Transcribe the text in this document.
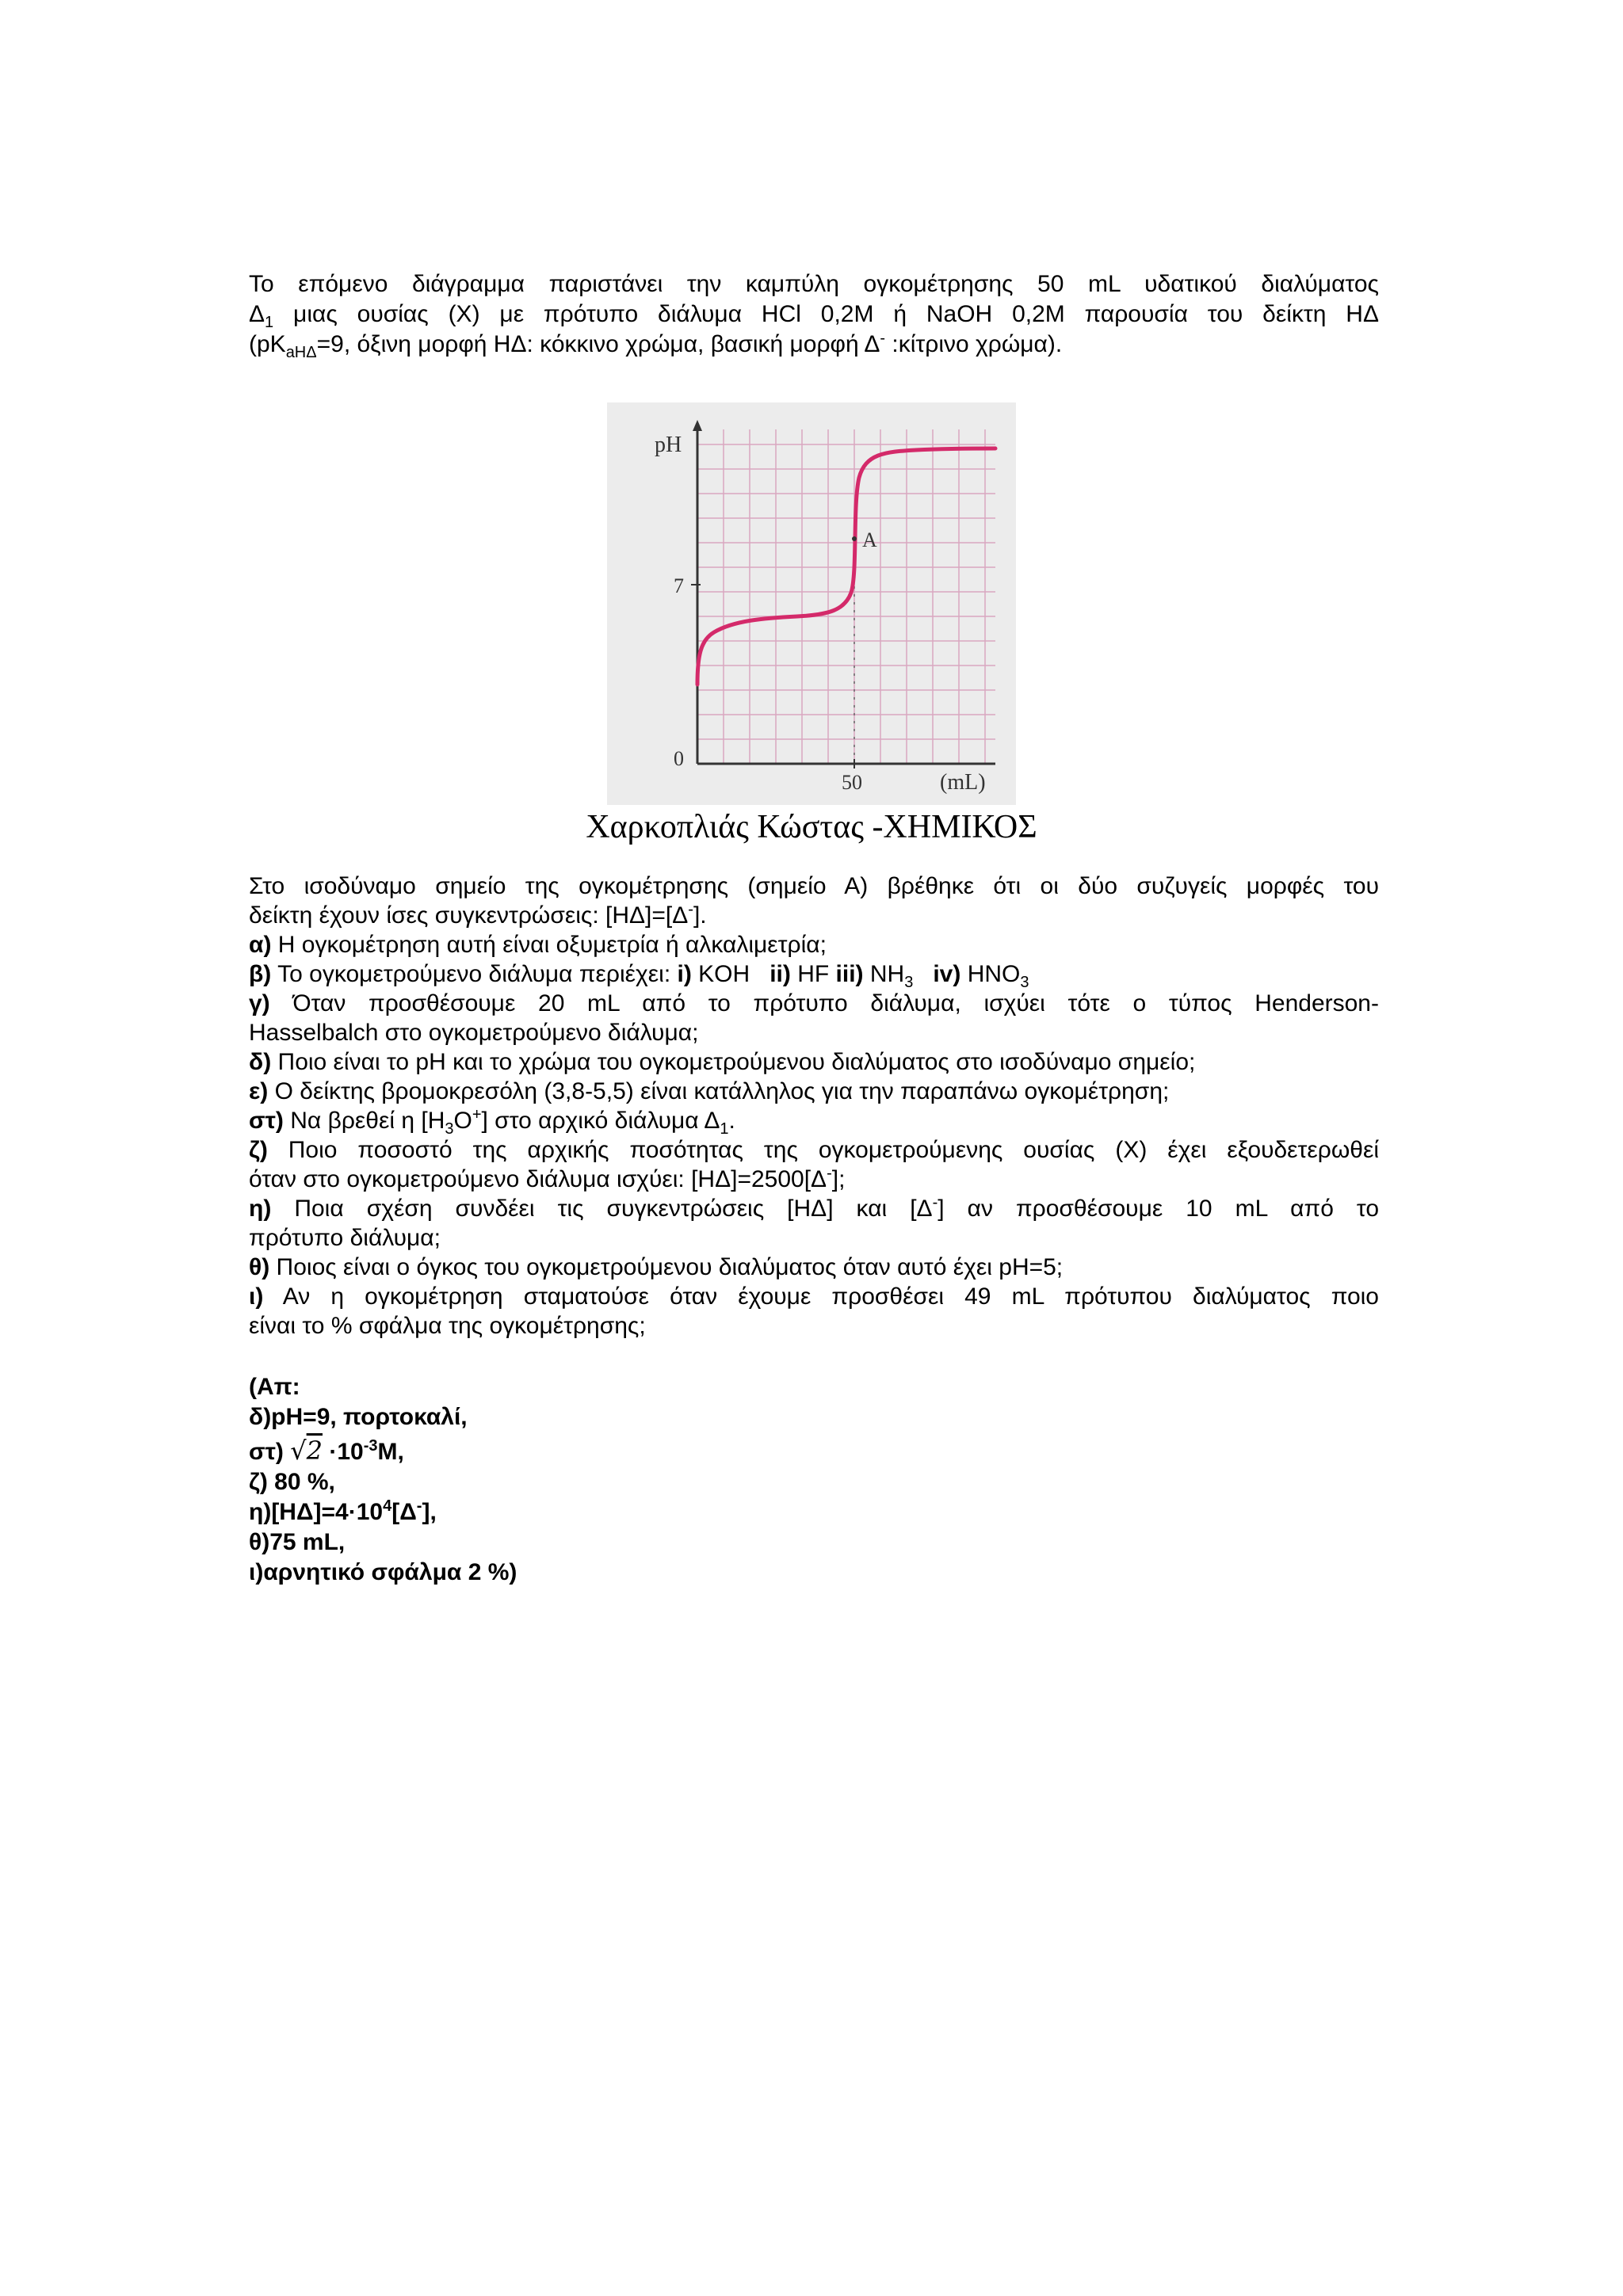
Το επόμενο διάγραμμα παριστάνει την καμπύλη ογκομέτρησης 50 mL υδατικού διαλύματος
$\Delta_1$ μιας ουσίας (Χ) με πρότυπο διάλυμα HCl 0,2M ή NaOH 0,2M παρουσία του δείκτη ΗΔ
($pK_{aH\Delta}=9$, όξινη μορφή ΗΔ: κόκκινο χρώμα, βασική μορφή Δ- :κίτρινο χρώμα).
pH
7
0
50	(mL)
A
Χαρκοπλιάς Κώστας -ΧΗΜΙΚΟΣ
Στο ισοδύναμο σημείο της ογκομέτρησης (σημείο Α) βρέθηκε ότι οι δύο συζυγείς μορφές του
δείκτη έχουν ίσες συγκεντρώσεις: [ΗΔ]=[Δ-].
α) Η ογκομέτρηση αυτή είναι οξυμετρία ή αλκαλιμετρία;
β) Το ογκομετρούμενο διάλυμα περιέχει: i) KOH   ii) HF iii) $NH_3$ iv) $HNO_3$
γ) Όταν προσθέσουμε 20 mL από το πρότυπο διάλυμα, ισχύει τότε ο τύπος Henderson-
Hasselbalch στο ογκομετρούμενο διάλυμα;
δ) Ποιο είναι το pH και το χρώμα του ογκομετρούμενου διαλύματος στο ισοδύναμο σημείο;
ε) Ο δείκτης βρομοκρεσόλη (3,8-5,5) είναι κατάλληλος για την παραπάνω ογκομέτρηση;
στ) Να βρεθεί η $[H_3O^+]$ στο αρχικό διάλυμα $\Delta_1$.
ζ) Ποιο ποσοστό της αρχικής ποσότητας της ογκομετρούμενης ουσίας (Χ) έχει εξουδετερωθεί
όταν στο ογκομετρούμενο διάλυμα ισχύει: [ΗΔ]=2500[Δ-];
η) Ποια σχέση συνδέει τις συγκεντρώσεις [ΗΔ] και [Δ-] αν προσθέσουμε 10 mL από το
πρότυπο διάλυμα;
θ) Ποιος είναι ο όγκος του ογκομετρούμενου διαλύματος όταν αυτό έχει pH=5;
ι) Αν η ογκομέτρηση σταματούσε όταν έχουμε προσθέσει 49 mL πρότυπου διαλύματος ποιο
είναι το % σφάλμα της ογκομέτρησης;
(Απ:
δ)pH=9, πορτοκαλί,
στ) $√2 \cdot 10^{-3}M$,
ζ) 80 %,
$\eta)[H\Delta]=4\cdot 10^4[\Delta^-]$,
θ)75 mL,
ι)αρνητικό σφάλμα 2 %)
